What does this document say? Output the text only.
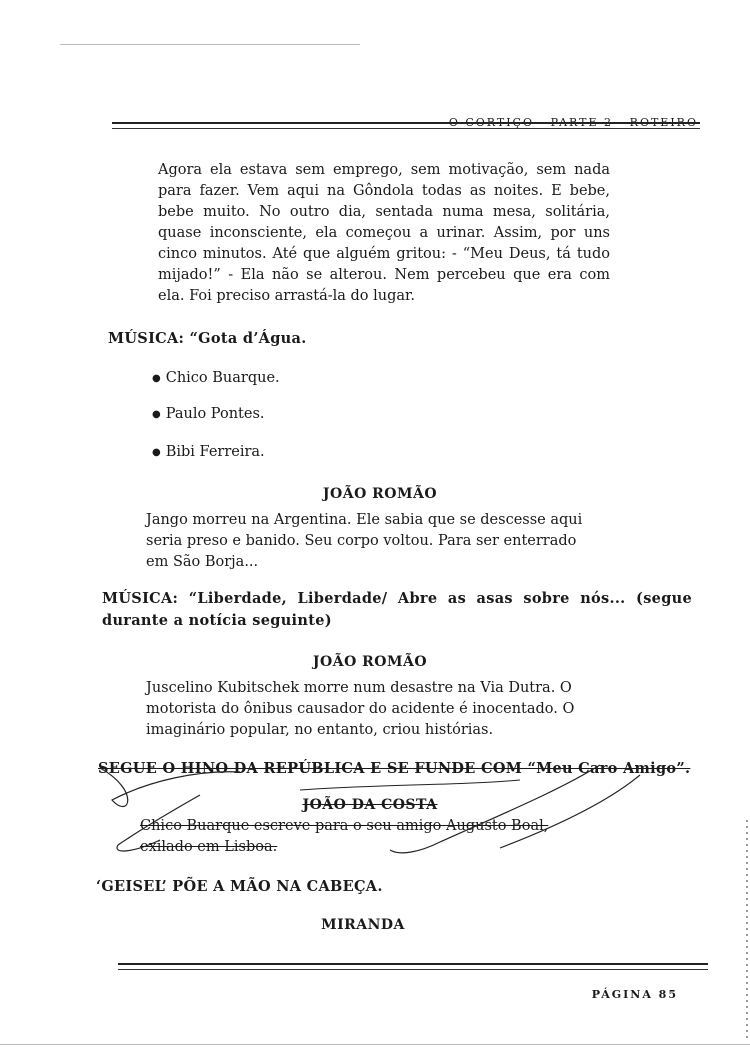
O CORTIÇO - PARTE 2 - ROTEIRO

Agora ela estava sem emprego, sem motivação, sem nada para fazer. Vem aqui na Gôndola todas as noites. E bebe, bebe muito. No outro dia, sentada numa mesa, solitária, quase inconsciente, ela começou a urinar. Assim, por uns cinco minutos. Até que alguém gritou: - “Meu Deus, tá tudo mijado!” - Ela não se alterou. Nem percebeu que era com ela. Foi preciso arrastá-la do lugar.

MÚSICA: “Gota d’Água.

● Chico Buarque.

● Paulo Pontes.

● Bibi Ferreira.

JOÃO ROMÃO

Jango morreu na Argentina. Ele sabia que se descesse aqui seria preso e banido. Seu corpo voltou. Para ser enterrado em São Borja...

MÚSICA: “Liberdade, Liberdade/ Abre as asas sobre nós... (segue durante a notícia seguinte)

JOÃO ROMÃO

Juscelino Kubitschek morre num desastre na Via Dutra. O motorista do ônibus causador do acidente é inocentado. O imaginário popular, no entanto, criou histórias.

SEGUE O HINO DA REPÚBLICA E SE FUNDE COM “Meu Caro Amigo”.

JOÃO DA COSTA

Chico Buarque escreve para o seu amigo Augusto Boal, exilado em Lisboa.

‘GEISEL’ PÕE A MÃO NA CABEÇA.

MIRANDA

PÁGINA 85
